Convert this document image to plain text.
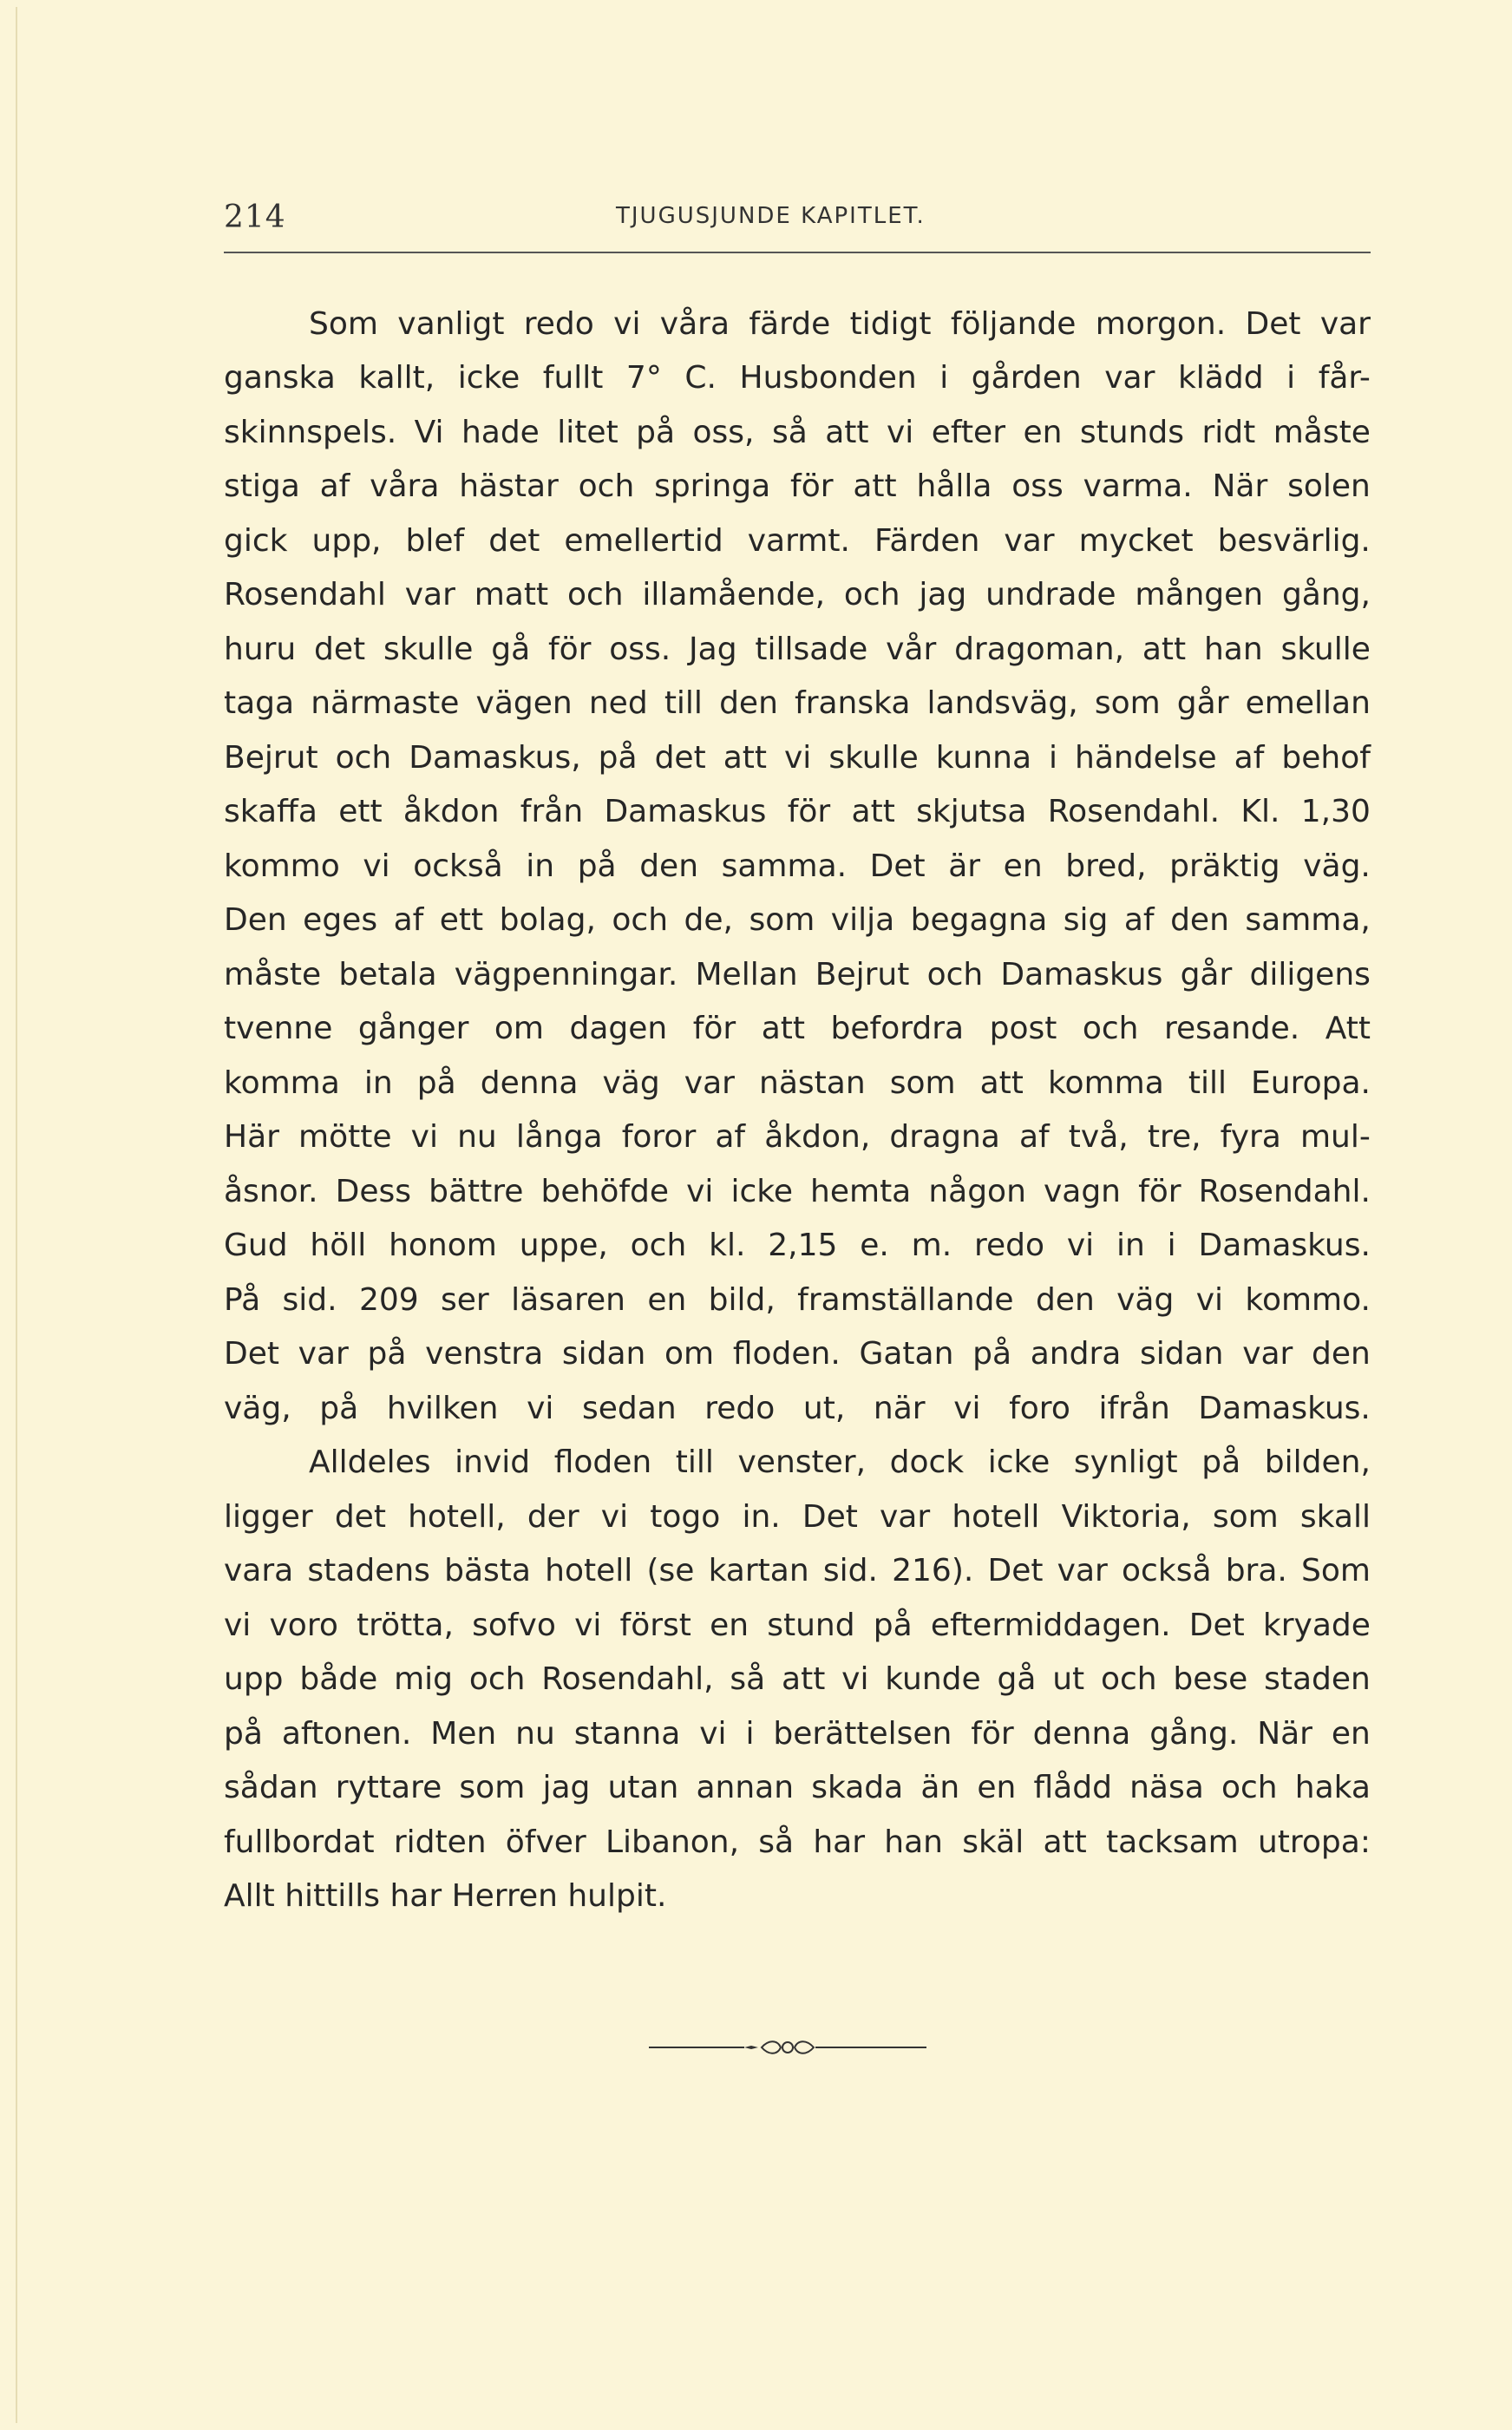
214	TJUGUSJUNDE KAPITLET.
Som vanligt redo vi våra färde tidigt följande morgon. Det var
ganska kallt, icke fullt 7° C. Husbonden i gården var klädd i får-
skinnspels. Vi hade litet på oss, så att vi efter en stunds ridt måste
stiga af våra hästar och springa för att hålla oss varma. När solen
gick upp, blef det emellertid varmt. Färden var mycket besvärlig.
Rosendahl var matt och illamående, och jag undrade mången gång,
huru det skulle gå för oss. Jag tillsade vår dragoman, att han skulle
taga närmaste vägen ned till den franska landsväg, som går emellan
Bejrut och Damaskus, på det att vi skulle kunna i händelse af behof
skaffa ett åkdon från Damaskus för att skjutsa Rosendahl. Kl. 1,30
kommo vi också in på den samma. Det är en bred, präktig väg.
Den eges af ett bolag, och de, som vilja begagna sig af den samma,
måste betala vägpenningar. Mellan Bejrut och Damaskus går diligens
tvenne gånger om dagen för att befordra post och resande. Att
komma in på denna väg var nästan som att komma till Europa.
Här mötte vi nu långa foror af åkdon, dragna af två, tre, fyra mul-
åsnor. Dess bättre behöfde vi icke hemta någon vagn för Rosendahl.
Gud höll honom uppe, och kl. 2,15 e. m. redo vi in i Damaskus.
På sid. 209 ser läsaren en bild, framställande den väg vi kommo.
Det var på venstra sidan om floden. Gatan på andra sidan var den
väg, på hvilken vi sedan redo ut, när vi foro ifrån Damaskus.
Alldeles invid floden till venster, dock icke synligt på bilden,
ligger det hotell, der vi togo in. Det var hotell Viktoria, som skall
vara stadens bästa hotell (se kartan sid. 216). Det var också bra. Som
vi voro trötta, sofvo vi först en stund på eftermiddagen. Det kryade
upp både mig och Rosendahl, så att vi kunde gå ut och bese staden
på aftonen. Men nu stanna vi i berättelsen för denna gång. När en
sådan ryttare som jag utan annan skada än en flådd näsa och haka
fullbordat ridten öfver Libanon, så har han skäl att tacksam utropa:
Allt hittills har Herren hulpit.
